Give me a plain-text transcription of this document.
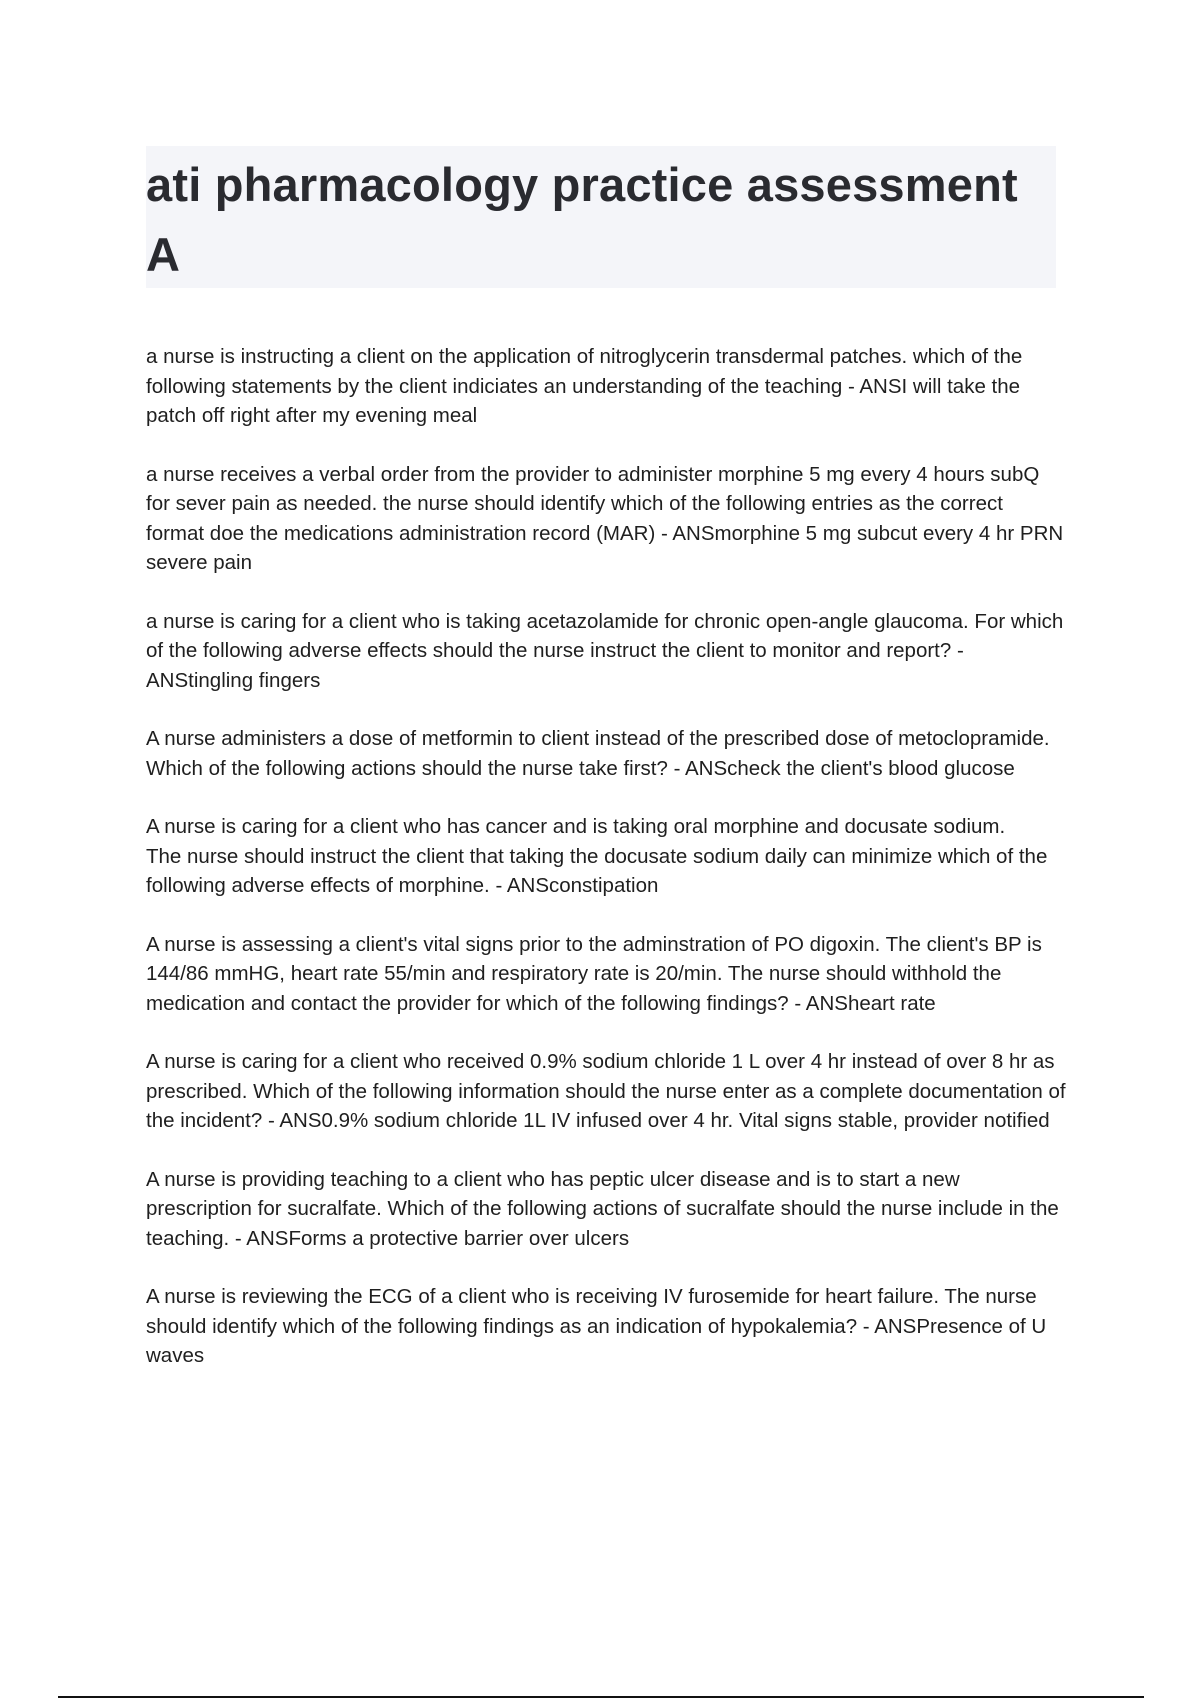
ati pharmacology practice assessment
A

a nurse is instructing a client on the application of nitroglycerin transdermal patches. which of the following statements by the client indiciates an understanding of the teaching - ANSI will take the patch off right after my evening meal

a nurse receives a verbal order from the provider to administer morphine 5 mg every 4 hours subQ for sever pain as needed. the nurse should identify which of the following entries as the correct format doe the medications administration record (MAR) - ANSmorphine 5 mg subcut every 4 hr PRN severe pain

a nurse is caring for a client who is taking acetazolamide for chronic open-angle glaucoma. For which of the following adverse effects should the nurse instruct the client to monitor and report? - ANStingling fingers

A nurse administers a dose of metformin to client instead of the prescribed dose of metoclopramide. Which of the following actions should the nurse take first? - ANScheck the client's blood glucose

A nurse is caring for a client who has cancer and is taking oral morphine and docusate sodium.
The nurse should instruct the client that taking the docusate sodium daily can minimize which of the following adverse effects of morphine. - ANSconstipation

A nurse is assessing a client's vital signs prior to the adminstration of PO digoxin. The client's BP is 144/86 mmHG, heart rate 55/min and respiratory rate is 20/min. The nurse should withhold the medication and contact the provider for which of the following findings? - ANSheart rate

A nurse is caring for a client who received 0.9% sodium chloride 1 L over 4 hr instead of over 8 hr as prescribed. Which of the following information should the nurse enter as a complete documentation of the incident? - ANS0.9% sodium chloride 1L IV infused over 4 hr. Vital signs stable, provider notified

A nurse is providing teaching to a client who has peptic ulcer disease and is to start a new prescription for sucralfate. Which of the following actions of sucralfate should the nurse include in the teaching. - ANSForms a protective barrier over ulcers

A nurse is reviewing the ECG of a client who is receiving IV furosemide for heart failure. The nurse should identify which of the following findings as an indication of hypokalemia? - ANSPresence of U waves
